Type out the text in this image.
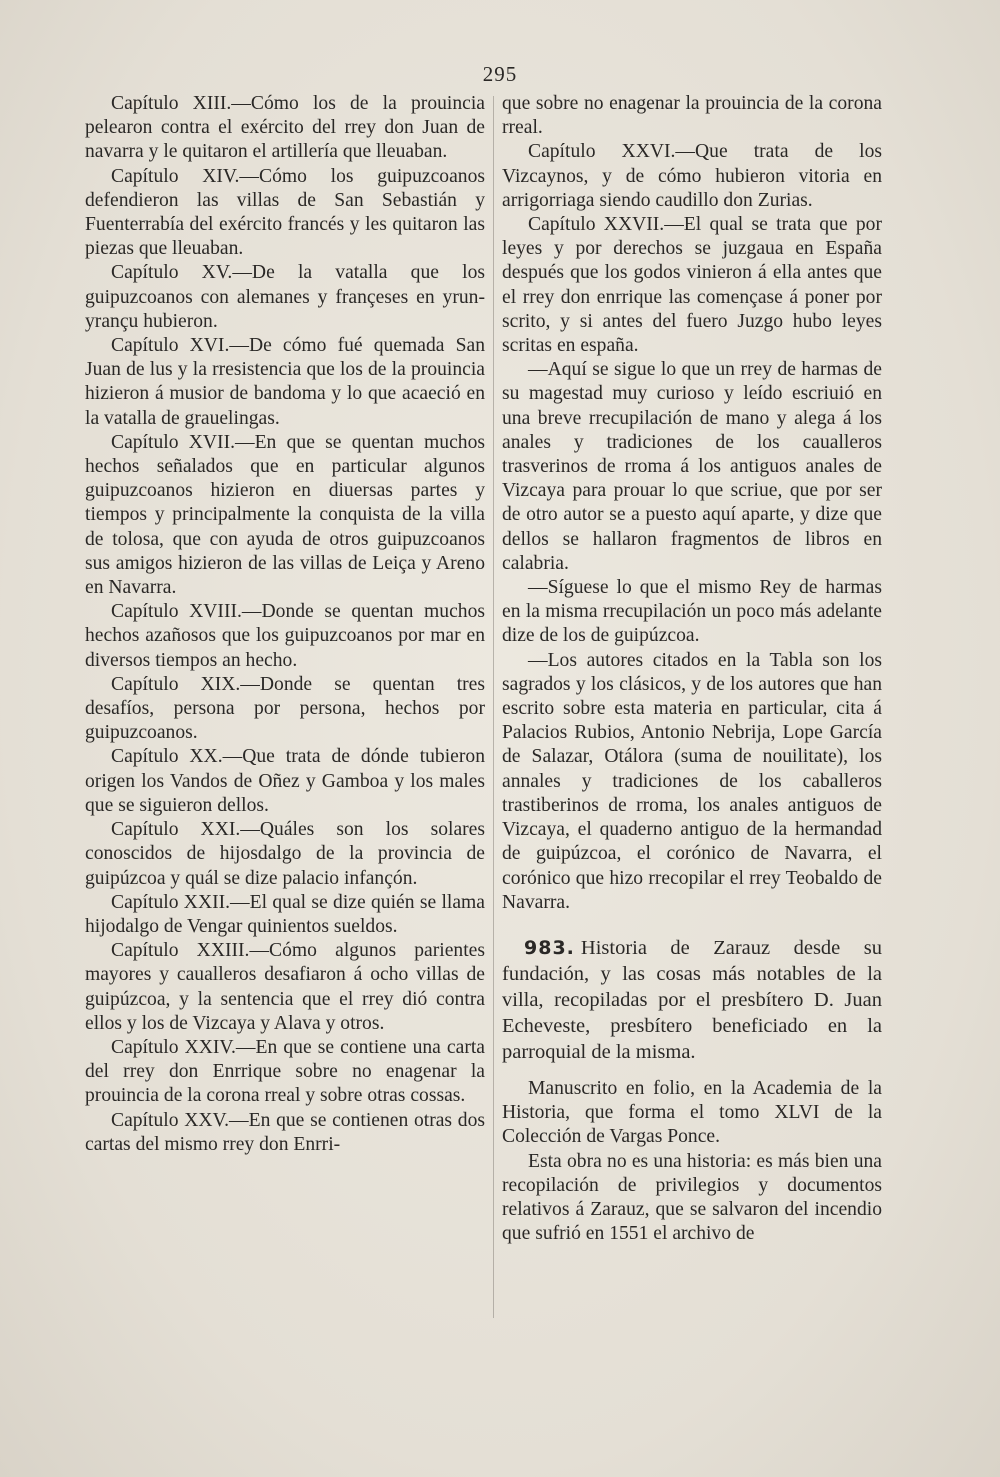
295

Capítulo XIII.—Cómo los de la prouincia pelearon contra el exército del rrey don Juan de navarra y le quitaron el artillería que lleuaban.

Capítulo XIV.—Cómo los guipuzcoanos defendieron las villas de San Sebastián y Fuenterrabía del exército francés y les quitaron las piezas que lleuaban.

Capítulo XV.—De la vatalla que los guipuzcoanos con alemanes y françeses en yrun-yrançu hubieron.

Capítulo XVI.—De cómo fué quemada San Juan de lus y la rresistencia que los de la prouincia hizieron á musior de bandoma y lo que acaeció en la vatalla de grauelingas.

Capítulo XVII.—En que se quentan muchos hechos señalados que en particular algunos guipuzcoanos hizieron en diuersas partes y tiempos y principalmente la conquista de la villa de tolosa, que con ayuda de otros guipuzcoanos sus amigos hizieron de las villas de Leiça y Areno en Navarra.

Capítulo XVIII.—Donde se quentan muchos hechos azañosos que los guipuzcoanos por mar en diversos tiempos an hecho.

Capítulo XIX.—Donde se quentan tres desafíos, persona por persona, hechos por guipuzcoanos.

Capítulo XX.—Que trata de dónde tubieron origen los Vandos de Oñez y Gamboa y los males que se siguieron dellos.

Capítulo XXI.—Quáles son los solares conoscidos de hijosdalgo de la provincia de guipúzcoa y quál se dize palacio infançón.

Capítulo XXII.—El qual se dize quién se llama hijodalgo de Vengar quinientos sueldos.

Capítulo XXIII.—Cómo algunos parientes mayores y caualleros desafiaron á ocho villas de guipúzcoa, y la sentencia que el rrey dió contra ellos y los de Vizcaya y Alava y otros.

Capítulo XXIV.—En que se contiene una carta del rrey don Enrrique sobre no enagenar la prouincia de la corona rreal y sobre otras cossas.

Capítulo XXV.—En que se contienen otras dos cartas del mismo rrey don Enrri-

que sobre no enagenar la prouincia de la corona rreal.

Capítulo XXVI.—Que trata de los Vizcaynos, y de cómo hubieron vitoria en arrigorriaga siendo caudillo don Zurias.

Capítulo XXVII.—El qual se trata que por leyes y por derechos se juzgaua en España después que los godos vinieron á ella antes que el rrey don enrrique las començase á poner por scrito, y si antes del fuero Juzgo hubo leyes scritas en españa.

—Aquí se sigue lo que un rrey de harmas de su magestad muy curioso y leído escriuió en una breve rrecupilación de mano y alega á los anales y tradiciones de los caualleros trasverinos de rroma á los antiguos anales de Vizcaya para prouar lo que scriue, que por ser de otro autor se a puesto aquí aparte, y dize que dellos se hallaron fragmentos de libros en calabria.

—Síguese lo que el mismo Rey de harmas en la misma rrecupilación un poco más adelante dize de los de guipúzcoa.

—Los autores citados en la Tabla son los sagrados y los clásicos, y de los autores que han escrito sobre esta materia en particular, cita á Palacios Rubios, Antonio Nebrija, Lope García de Salazar, Otálora (suma de nouilitate), los annales y tradiciones de los caballeros trastiberinos de rroma, los anales antiguos de Vizcaya, el quaderno antiguo de la hermandad de guipúzcoa, el corónico de Navarra, el corónico que hizo rrecopilar el rrey Teobaldo de Navarra.

983. Historia de Zarauz desde su fundación, y las cosas más notables de la villa, recopiladas por el presbítero D. Juan Echeveste, presbítero beneficiado en la parroquial de la misma.

Manuscrito en folio, en la Academia de la Historia, que forma el tomo XLVI de la Colección de Vargas Ponce.

Esta obra no es una historia: es más bien una recopilación de privilegios y documentos relativos á Zarauz, que se salvaron del incendio que sufrió en 1551 el archivo de
